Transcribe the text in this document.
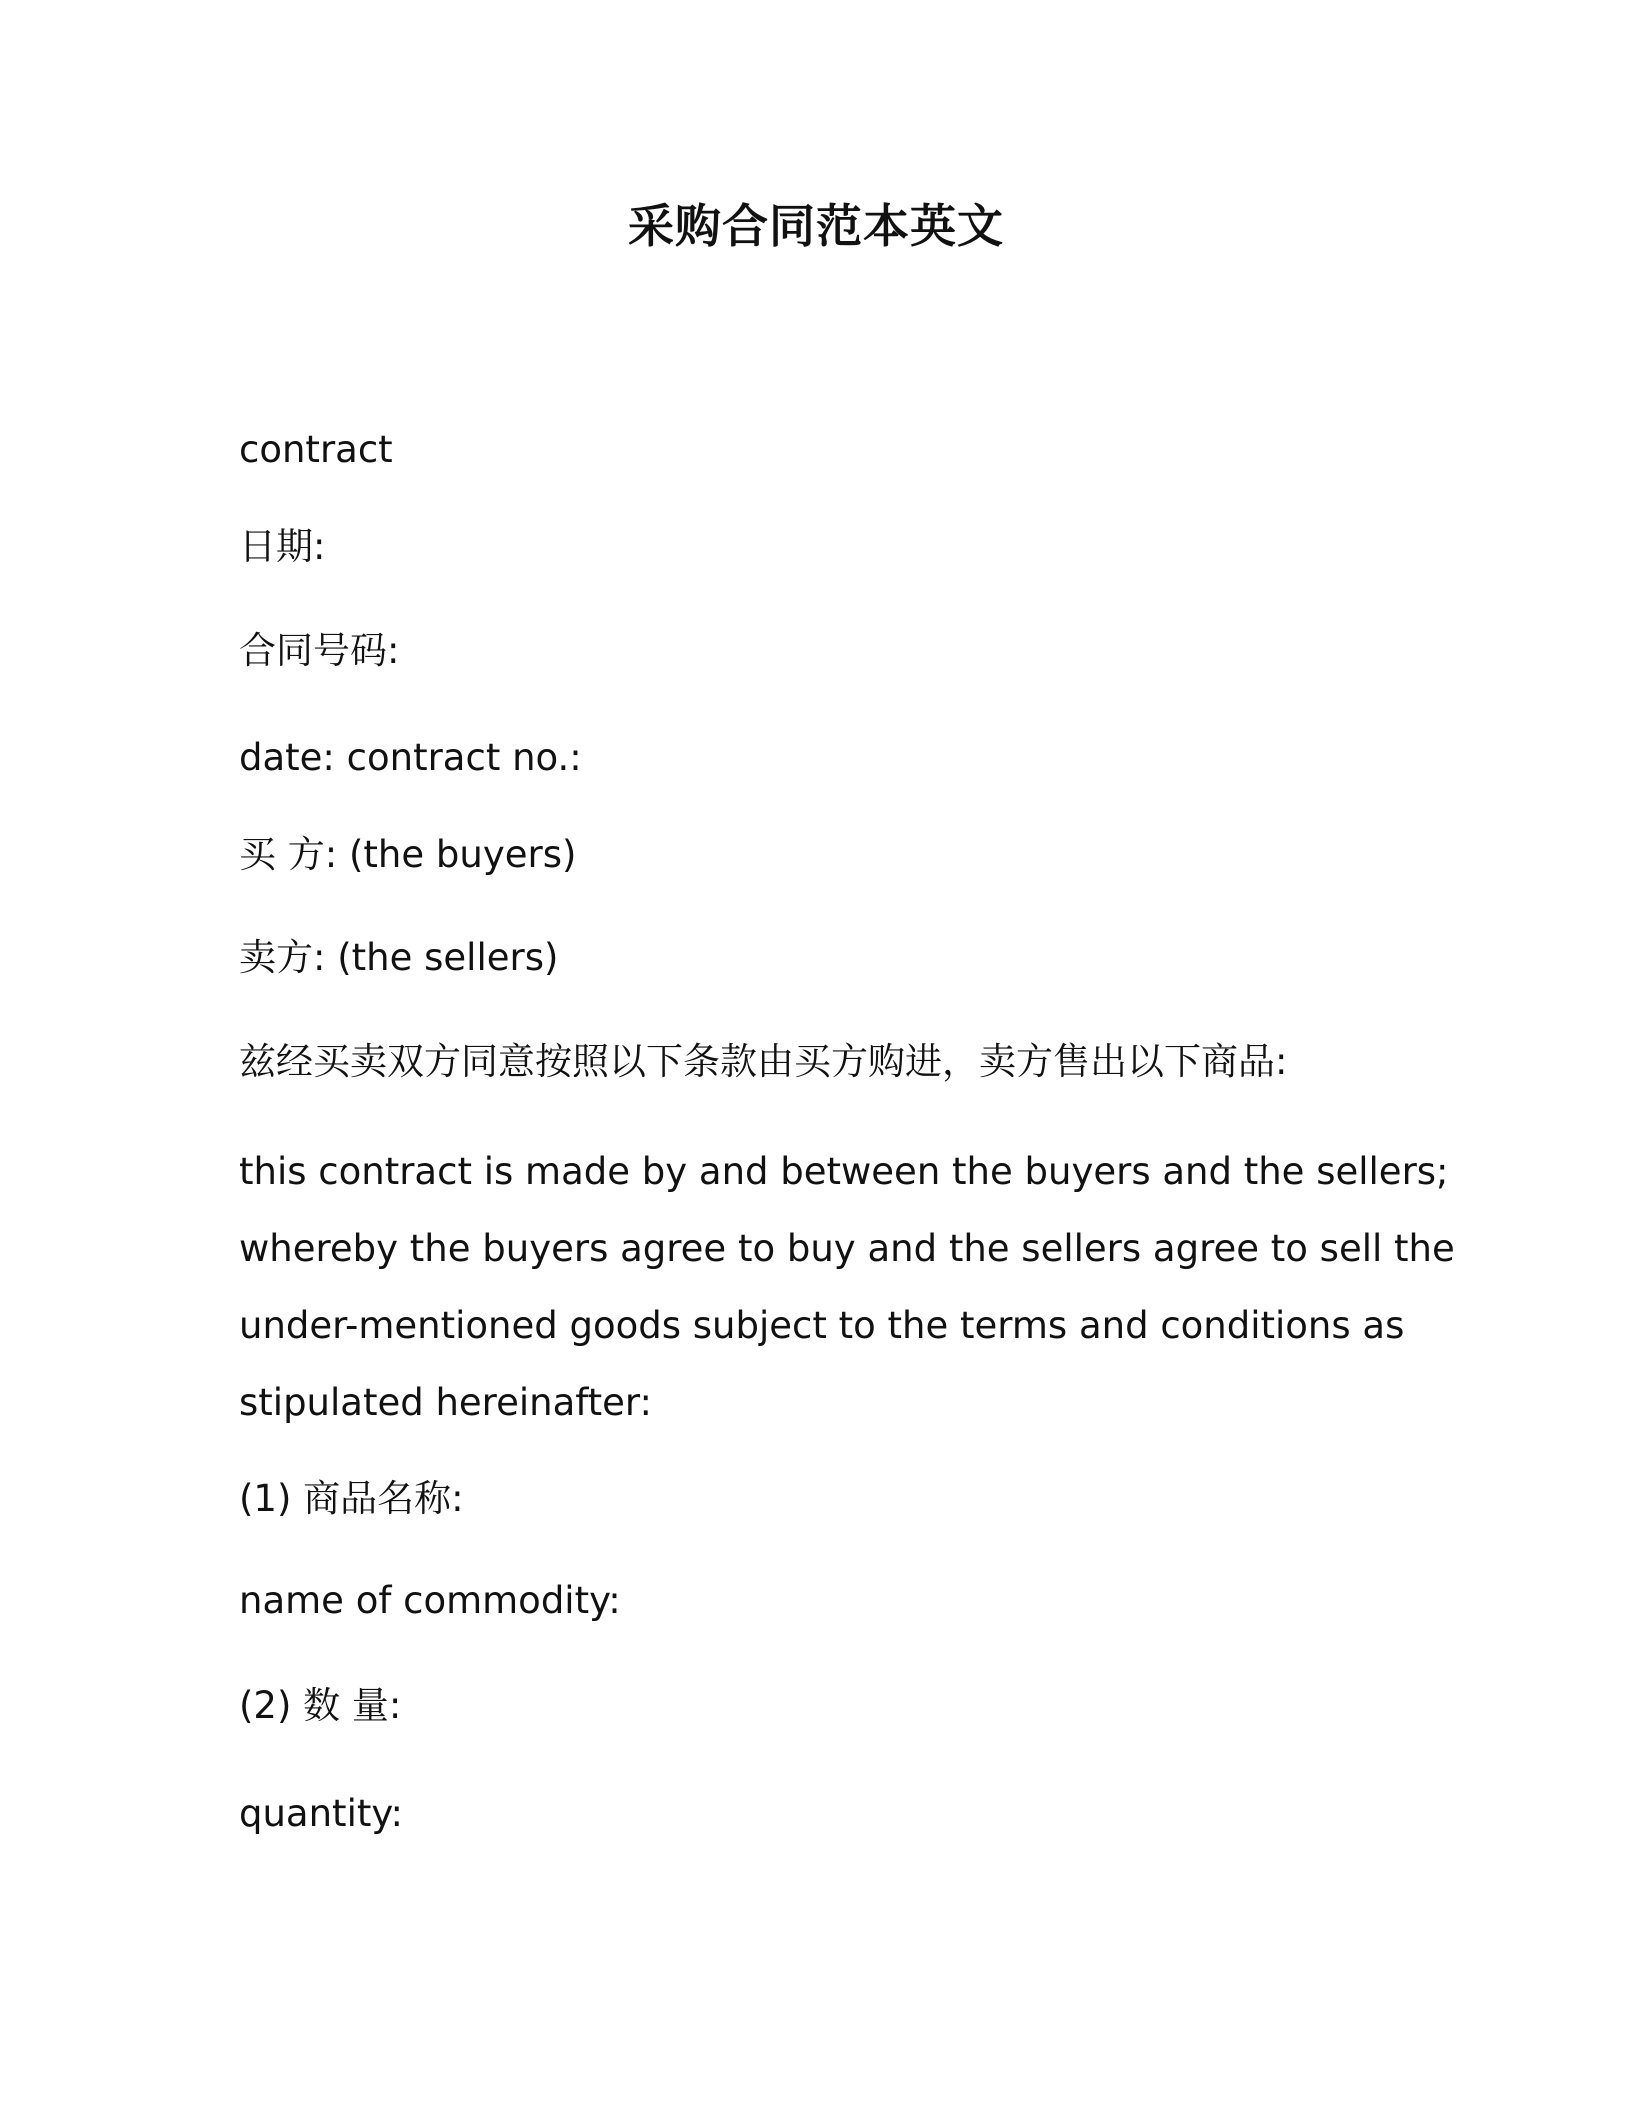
采购合同范本英文
contract
日期:
合同号码:
date: contract no.:
买 方: (the buyers)
卖方: (the sellers)
兹经买卖双方同意按照以下条款由买方购进，卖方售出以下商品:
this contract is made by and between the buyers and the sellers;
whereby the buyers agree to buy and the sellers agree to sell the
under-mentioned goods subject to the terms and conditions as
stipulated hereinafter:
(1) 商品名称:
name of commodity:
(2) 数 量:
quantity:
